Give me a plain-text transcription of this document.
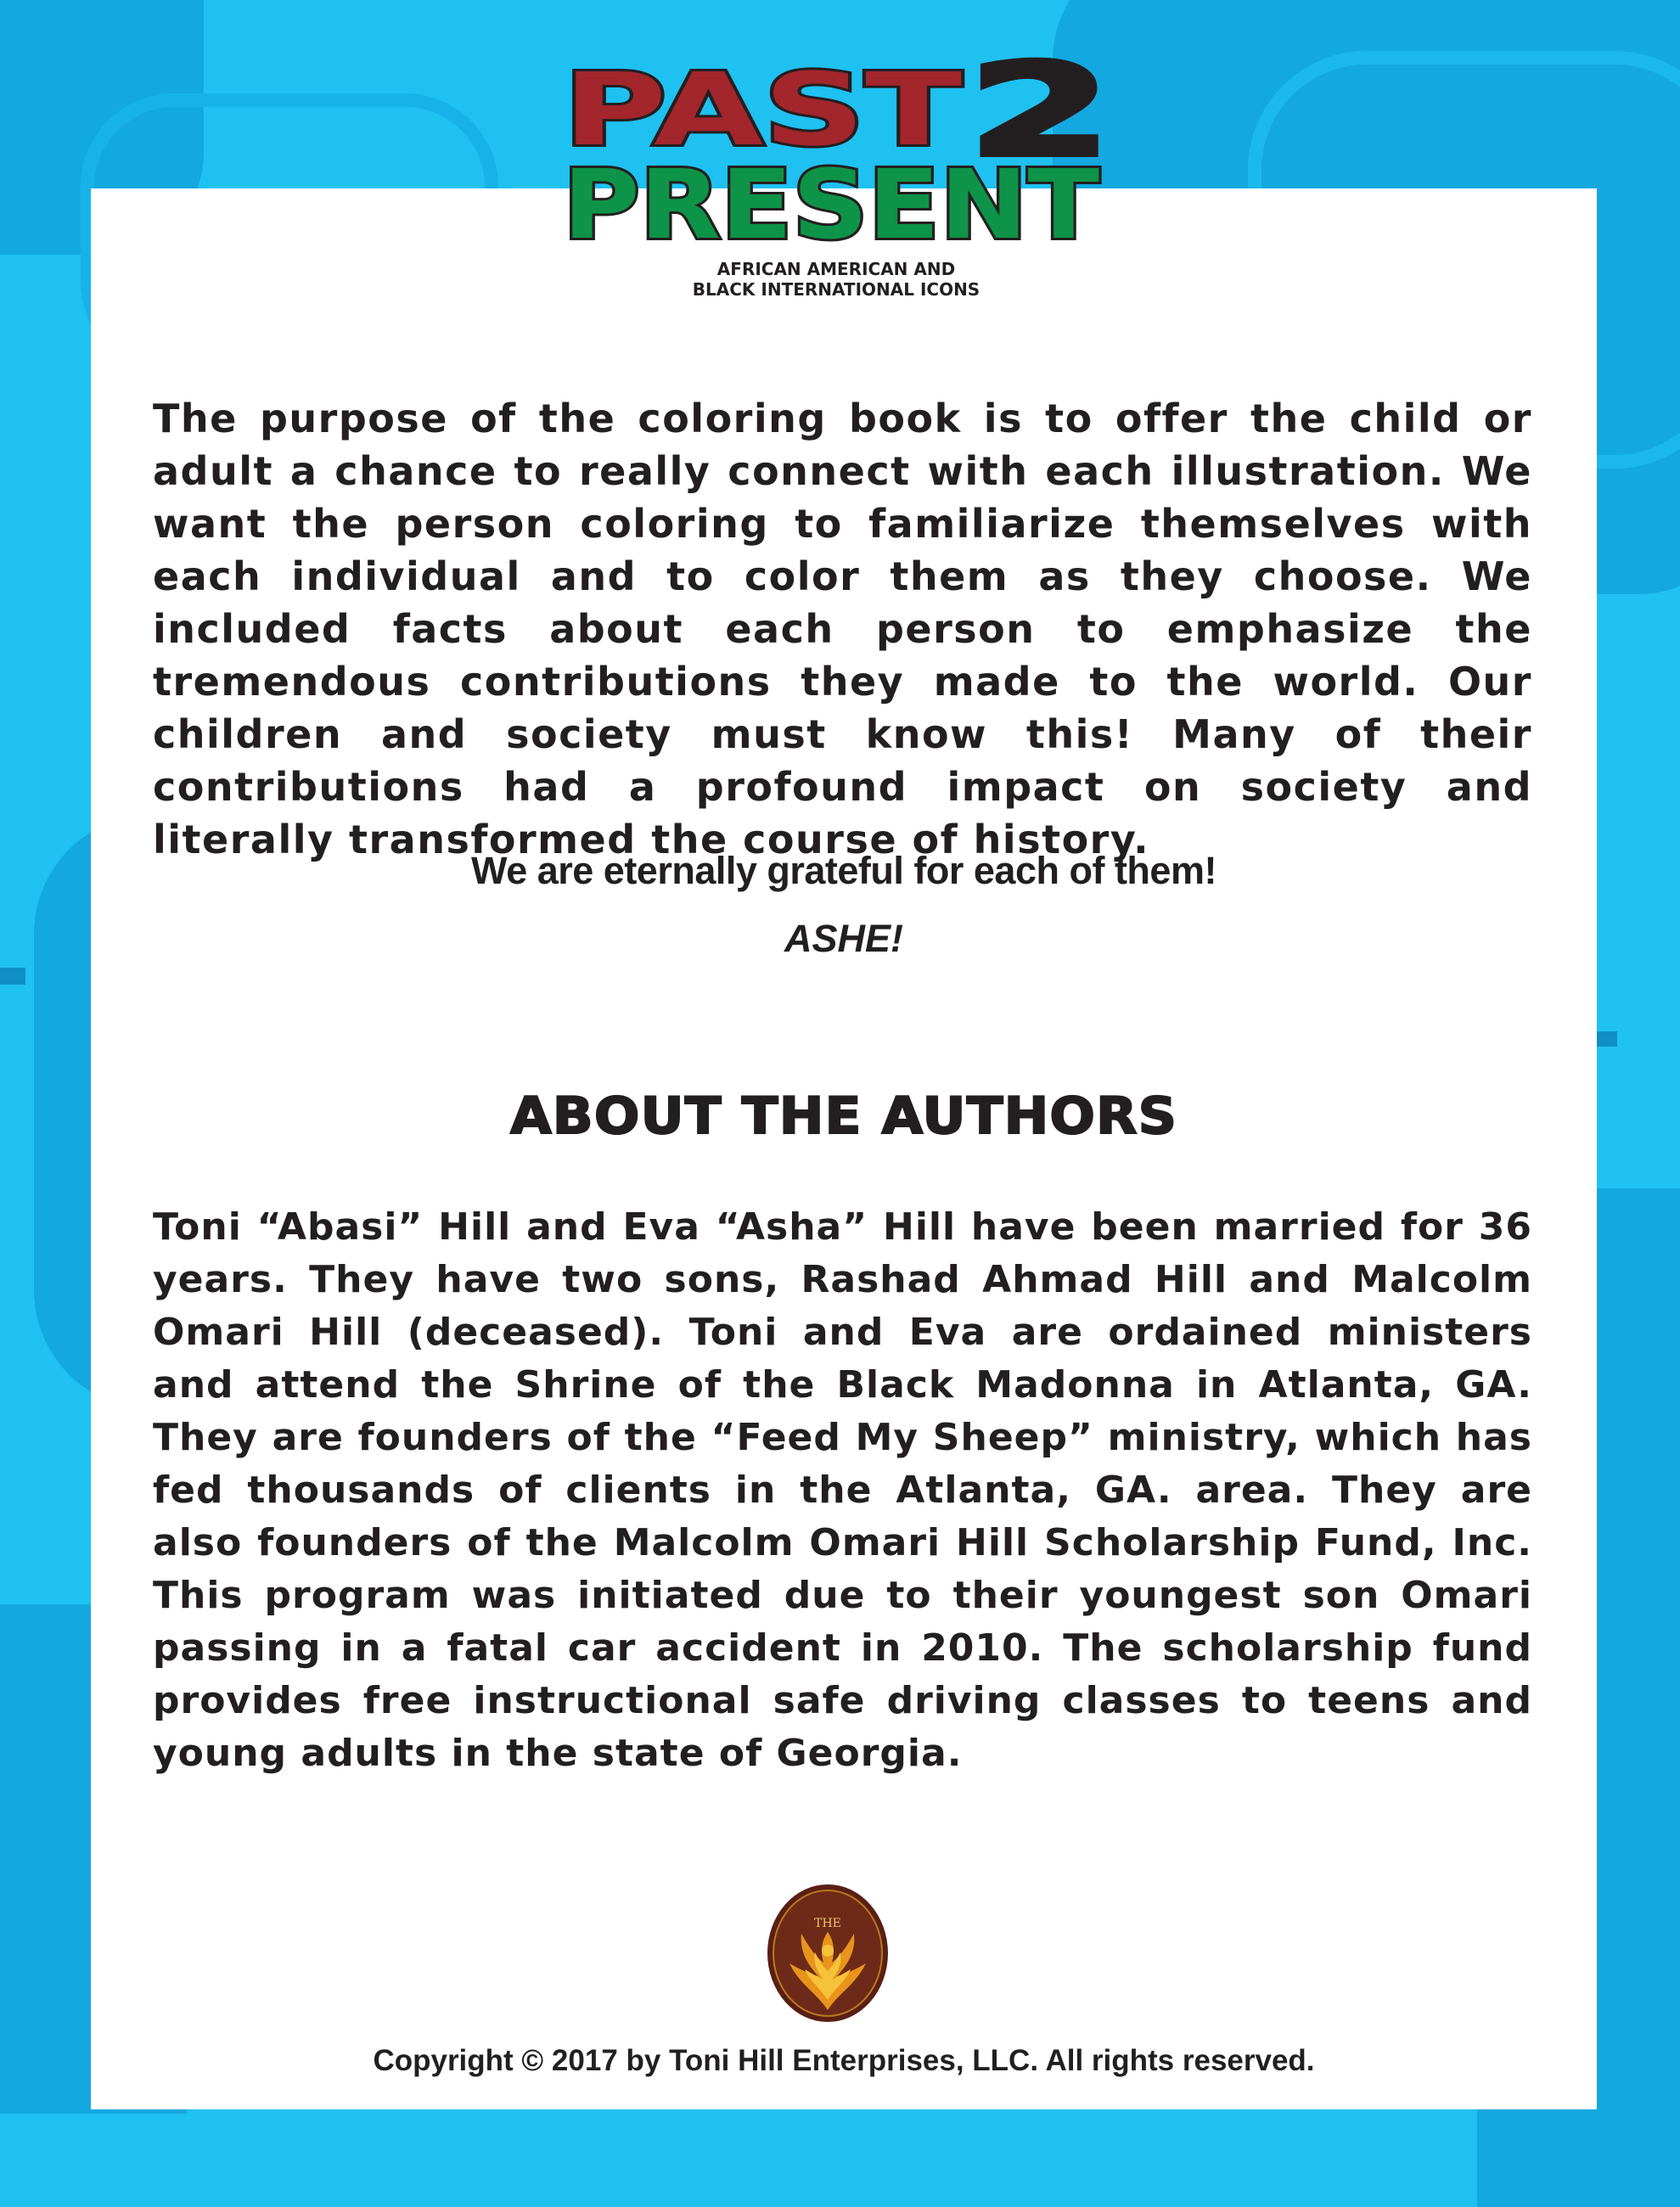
PAST 2
PRESENT
AFRICAN AMERICAN AND
BLACK INTERNATIONAL ICONS

The purpose of the coloring book is to offer the child or adult a chance to really connect with each illustration. We want the person coloring to familiarize themselves with each individual and to color them as they choose. We included facts about each person to emphasize the tremendous contributions they made to the world. Our children and society must know this! Many of their contributions had a profound impact on society and literally transformed the course of history.

We are eternally grateful for each of them!
ASHE!
ABOUT THE AUTHORS

Toni “Abasi” Hill and Eva “Asha” Hill have been married for 36 years. They have two sons, Rashad Ahmad Hill and Malcolm Omari Hill (deceased). Toni and Eva are ordained ministers and attend the Shrine of the Black Madonna in Atlanta, GA. They are founders of the “Feed My Sheep” ministry, which has fed thousands of clients in the Atlanta, GA. area. They are also founders of the Malcolm Omari Hill Scholarship Fund, Inc. This program was initiated due to their youngest son Omari passing in a fatal car accident in 2010. The scholarship fund provides free instructional safe driving classes to teens and young adults in the state of Georgia.

THE
Copyright © 2017 by Toni Hill Enterprises, LLC. All rights reserved.
